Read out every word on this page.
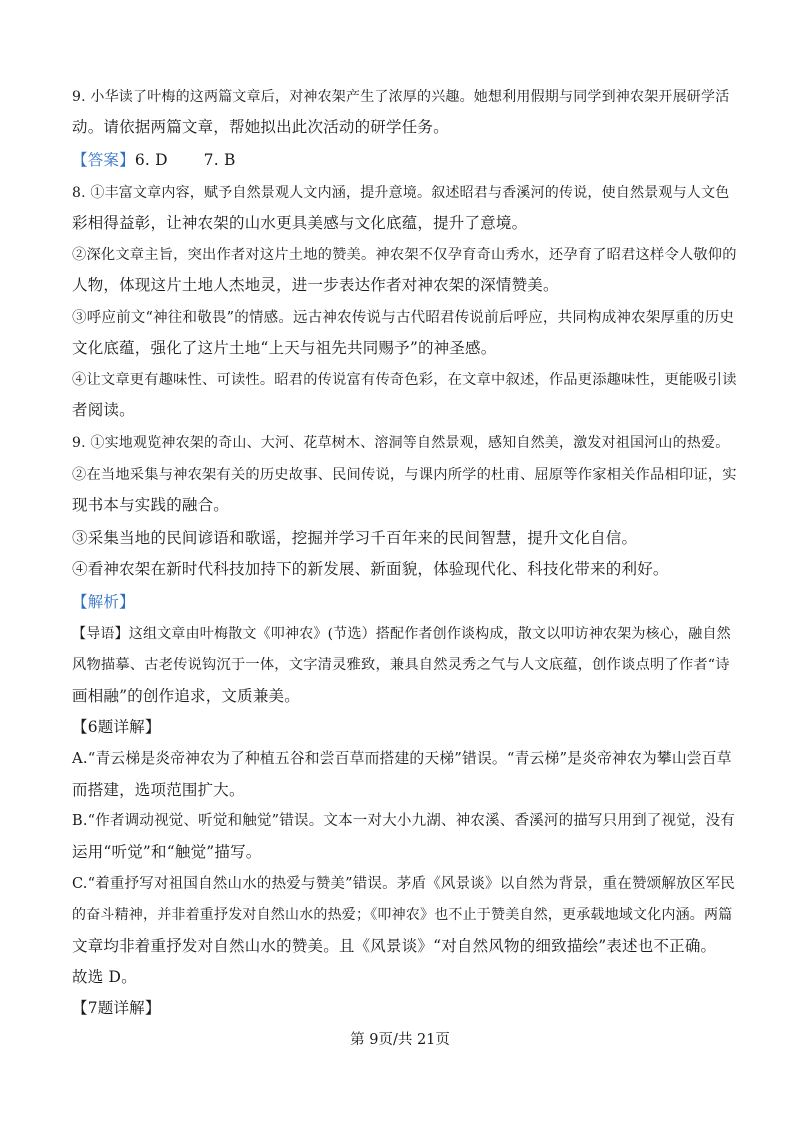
9. 小华读了叶梅的这两篇文章后，对神农架产生了浓厚的兴趣。她想利用假期与同学到神农架开展研学活
动。请依据两篇文章，帮她拟出此次活动的研学任务。
【答案】6. D       7. B
8. ①丰富文章内容，赋予自然景观人文内涵，提升意境。叙述昭君与香溪河的传说，使自然景观与人文色
彩相得益彰，让神农架的山水更具美感与文化底蕴，提升了意境。
②深化文章主旨，突出作者对这片土地的赞美。神农架不仅孕育奇山秀水，还孕育了昭君这样令人敬仰的
人物，体现这片土地人杰地灵，进一步表达作者对神农架的深情赞美。
③呼应前文“神往和敬畏”的情感。远古神农传说与古代昭君传说前后呼应，共同构成神农架厚重的历史
文化底蕴，强化了这片土地“上天与祖先共同赐予”的神圣感。
④让文章更有趣味性、可读性。昭君的传说富有传奇色彩，在文章中叙述，作品更添趣味性，更能吸引读
者阅读。
9. ①实地观览神农架的奇山、大河、花草树木、溶洞等自然景观，感知自然美，激发对祖国河山的热爱。
②在当地采集与神农架有关的历史故事、民间传说，与课内所学的杜甫、屈原等作家相关作品相印证，实
现书本与实践的融合。
③采集当地的民间谚语和歌谣，挖掘并学习千百年来的民间智慧，提升文化自信。
④看神农架在新时代科技加持下的新发展、新面貌，体验现代化、科技化带来的利好。
【解析】
【导语】这组文章由叶梅散文《叩神农》(节选）搭配作者创作谈构成，散文以叩访神农架为核心，融自然
风物描摹、古老传说钩沉于一体，文字清灵雅致，兼具自然灵秀之气与人文底蕴，创作谈点明了作者“诗
画相融”的创作追求，文质兼美。
【6题详解】
A.“青云梯是炎帝神农为了种植五谷和尝百草而搭建的天梯”错误。“青云梯”是炎帝神农为攀山尝百草
而搭建，选项范围扩大。
B.“作者调动视觉、听觉和触觉”错误。文本一对大小九湖、神农溪、香溪河的描写只用到了视觉，没有
运用“听觉”和“触觉”描写。
C.“着重抒写对祖国自然山水的热爱与赞美”错误。茅盾《风景谈》以自然为背景，重在赞颂解放区军民
的奋斗精神，并非着重抒发对自然山水的热爱；《叩神农》也不止于赞美自然，更承载地域文化内涵。两篇
文章均非着重抒发对自然山水的赞美。且《风景谈》“对自然风物的细致描绘”表述也不正确。
故选 D。
【7题详解】
第 9页/共 21页
